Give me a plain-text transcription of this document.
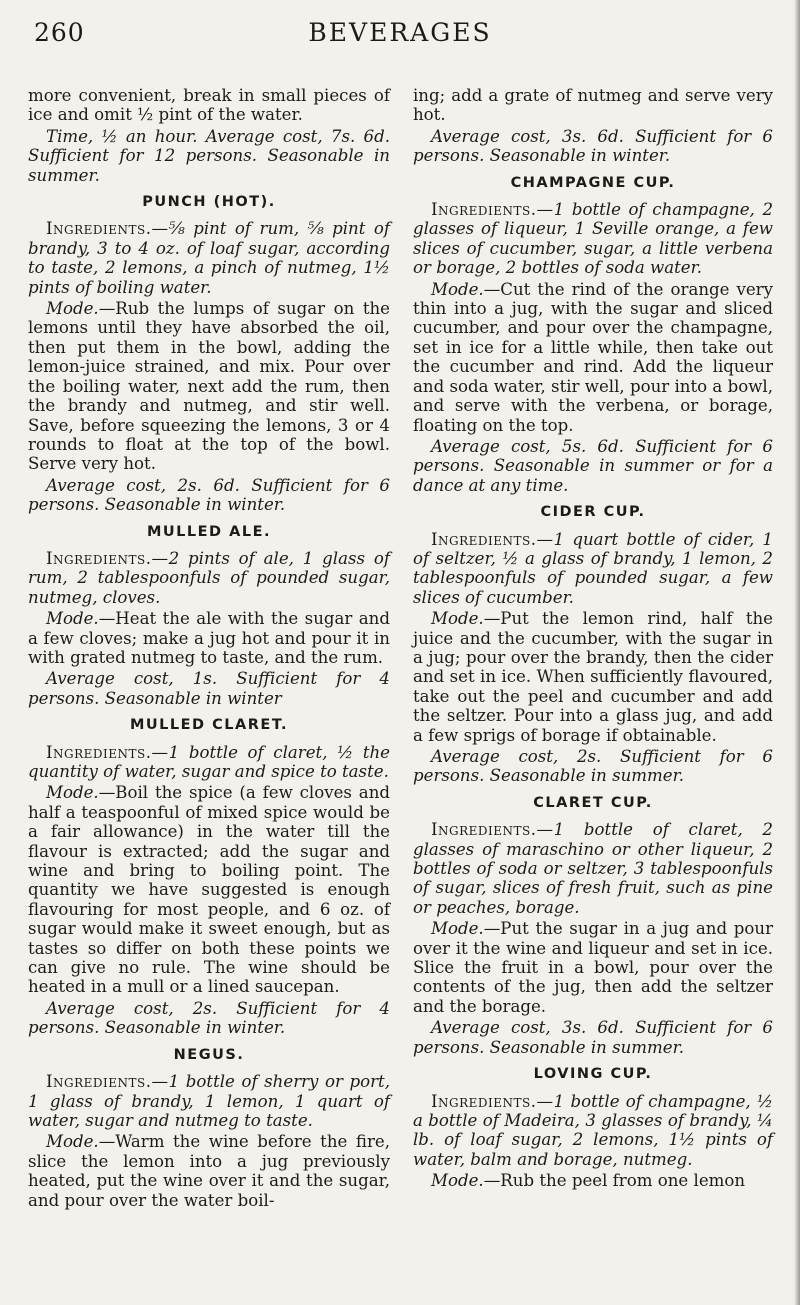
260	BEVERAGES

more convenient, break in small pieces of ice and omit ½ pint of the water.

Time, ½ an hour. Average cost, 7s. 6d. Sufficient for 12 persons. Seasonable in summer.

PUNCH (HOT).

Ingredients.—⅝ pint of rum, ⅝ pint of brandy, 3 to 4 oz. of loaf sugar, according to taste, 2 lemons, a pinch of nutmeg, 1½ pints of boiling water.

Mode.—Rub the lumps of sugar on the lemons until they have absorbed the oil, then put them in the bowl, adding the lemon-juice strained, and mix. Pour over the boiling water, next add the rum, then the brandy and nutmeg, and stir well. Save, before squeezing the lemons, 3 or 4 rounds to float at the top of the bowl. Serve very hot.

Average cost, 2s. 6d. Sufficient for 6 persons. Seasonable in winter.

MULLED ALE.

Ingredients.—2 pints of ale, 1 glass of rum, 2 tablespoonfuls of pounded sugar, nutmeg, cloves.

Mode.—Heat the ale with the sugar and a few cloves; make a jug hot and pour it in with grated nutmeg to taste, and the rum.

Average cost, 1s. Sufficient for 4 persons. Seasonable in winter

MULLED CLARET.

Ingredients.—1 bottle of claret, ½ the quantity of water, sugar and spice to taste.

Mode.—Boil the spice (a few cloves and half a teaspoonful of mixed spice would be a fair allowance) in the water till the flavour is extracted; add the sugar and wine and bring to boiling point. The quantity we have suggested is enough flavouring for most people, and 6 oz. of sugar would make it sweet enough, but as tastes so differ on both these points we can give no rule. The wine should be heated in a mull or a lined saucepan.

Average cost, 2s. Sufficient for 4 persons. Seasonable in winter.

NEGUS.

Ingredients.—1 bottle of sherry or port, 1 glass of brandy, 1 lemon, 1 quart of water, sugar and nutmeg to taste.

Mode.—Warm the wine before the fire, slice the lemon into a jug previously heated, put the wine over it and the sugar, and pour over the water boil-

ing; add a grate of nutmeg and serve very hot.

Average cost, 3s. 6d. Sufficient for 6 persons. Seasonable in winter.

CHAMPAGNE CUP.

Ingredients.—1 bottle of champagne, 2 glasses of liqueur, 1 Seville orange, a few slices of cucumber, sugar, a little verbena or borage, 2 bottles of soda water.

Mode.—Cut the rind of the orange very thin into a jug, with the sugar and sliced cucumber, and pour over the champagne, set in ice for a little while, then take out the cucumber and rind. Add the liqueur and soda water, stir well, pour into a bowl, and serve with the verbena, or borage, floating on the top.

Average cost, 5s. 6d. Sufficient for 6 persons. Seasonable in summer or for a dance at any time.

CIDER CUP.

Ingredients.—1 quart bottle of cider, 1 of seltzer, ½ a glass of brandy, 1 lemon, 2 tablespoonfuls of pounded sugar, a few slices of cucumber.

Mode.—Put the lemon rind, half the juice and the cucumber, with the sugar in a jug; pour over the brandy, then the cider and set in ice. When sufficiently flavoured, take out the peel and cucumber and add the seltzer. Pour into a glass jug, and add a few sprigs of borage if obtainable.

Average cost, 2s. Sufficient for 6 persons. Seasonable in summer.

CLARET CUP.

Ingredients.—1 bottle of claret, 2 glasses of maraschino or other liqueur, 2 bottles of soda or seltzer, 3 tablespoonfuls of sugar, slices of fresh fruit, such as pine or peaches, borage.

Mode.—Put the sugar in a jug and pour over it the wine and liqueur and set in ice. Slice the fruit in a bowl, pour over the contents of the jug, then add the seltzer and the borage.

Average cost, 3s. 6d. Sufficient for 6 persons. Seasonable in summer.

LOVING CUP.

Ingredients.—1 bottle of champagne, ½ a bottle of Madeira, 3 glasses of brandy, ¼ lb. of loaf sugar, 2 lemons, 1½ pints of water, balm and borage, nutmeg.

Mode.—Rub the peel from one lemon
